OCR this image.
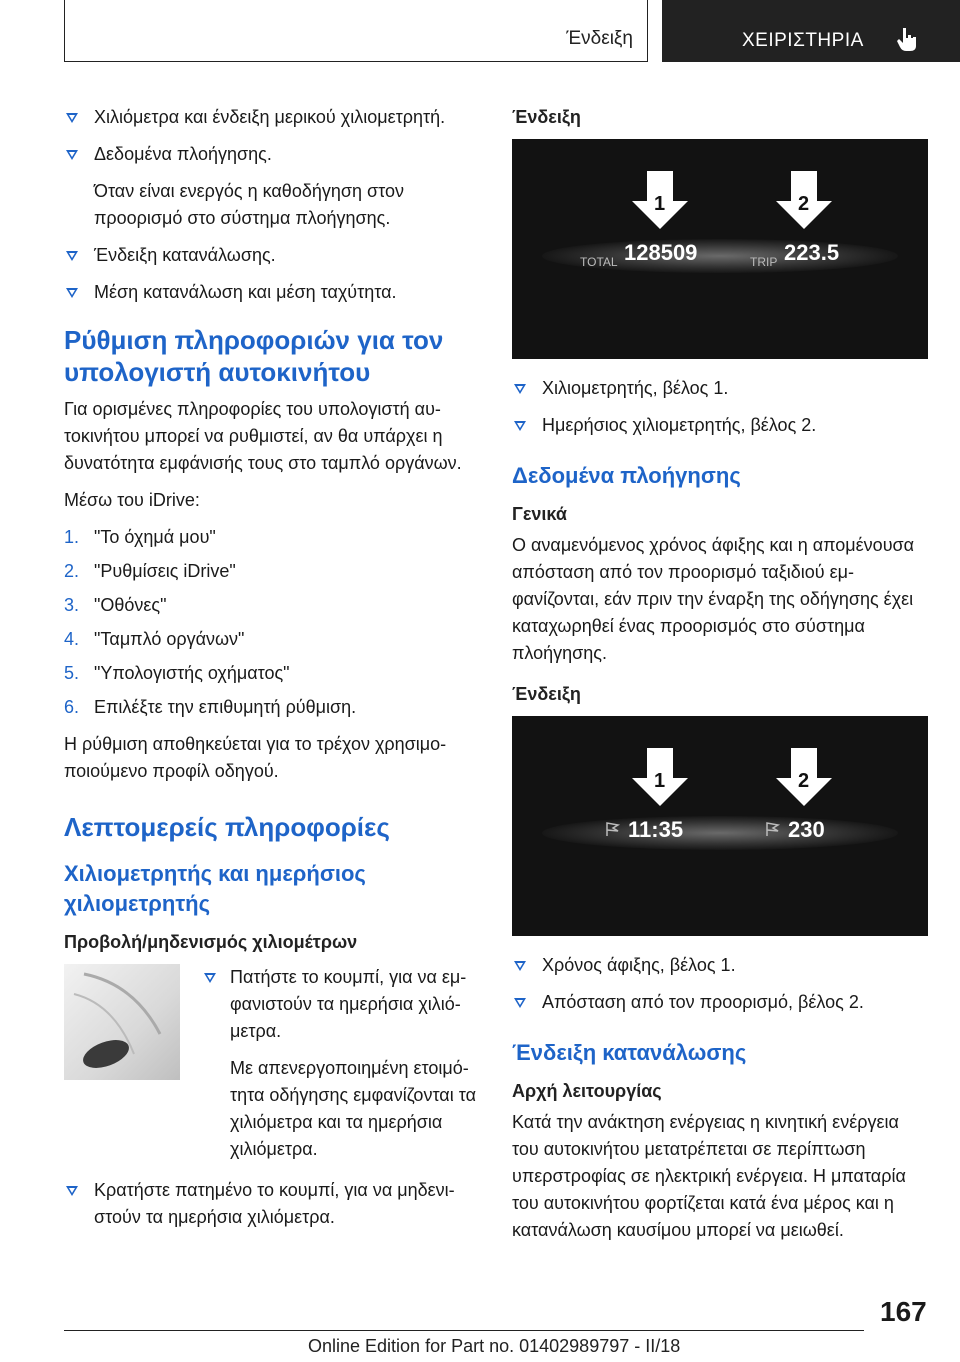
Ένδειξη	ΧΕΙΡΙΣΤΗΡΙΑ
Χιλιόμετρα και ένδειξη μερικού χιλιομετρητή.
Δεδομένα πλοήγησης.

Όταν είναι ενεργός η καθοδήγηση στον προορισμό στο σύστημα πλοήγησης.

Ένδειξη κατανάλωσης.
Μέση κατανάλωση και μέση ταχύτητα.
Ρύθμιση πληροφοριών για τον υπολογιστή αυτοκινήτου

Για ορισμένες πληροφορίες του υπολογιστή αυτοκινήτου μπορεί να ρυθμιστεί, αν θα υπάρχει η δυνατότητα εμφάνισής τους στο ταμπλό οργάνων.

Μέσω του iDrive:

1. "Το όχημά μου"
2. "Ρυθμίσεις iDrive"
3. "Οθόνες"
4. "Ταμπλό οργάνων"
5. "Υπολογιστής οχήματος"
6. Επιλέξτε την επιθυμητή ρύθμιση.

Η ρύθμιση αποθηκεύεται για το τρέχον χρησιμοποιούμενο προφίλ οδηγού.

Λεπτομερείς πληροφορίες
Χιλιομετρητής και ημερήσιος χιλιομετρητής
Προβολή/μηδενισμός χιλιομέτρων
Πατήστε το κουμπί, για να εμφανιστούν τα ημερήσια χιλιόμετρα.

Με απενεργοποιημένη ετοιμότητα οδήγησης εμφανίζονται τα χιλιόμετρα και τα ημερήσια χιλιόμετρα.

Κρατήστε πατημένο το κουμπί, για να μηδενιστούν τα ημερήσια χιλιόμετρα.
Ένδειξη
1	2
TOTAL 128509	TRIP 223.5
Χιλιομετρητής, βέλος 1.
Ημερήσιος χιλιομετρητής, βέλος 2.
Δεδομένα πλοήγησης
Γενικά

Ο αναμενόμενος χρόνος άφιξης και η απομένουσα απόσταση από τον προορισμό ταξιδιού εμφανίζονται, εάν πριν την έναρξη της οδήγησης έχει καταχωρηθεί ένας προορισμός στο σύστημα πλοήγησης.

Ένδειξη
1	2
11:35	230
Χρόνος άφιξης, βέλος 1.
Απόσταση από τον προορισμό, βέλος 2.
Ένδειξη κατανάλωσης
Αρχή λειτουργίας

Κατά την ανάκτηση ενέργειας η κινητική ενέργεια του αυτοκινήτου μετατρέπεται σε περίπτωση υπερστροφίας σε ηλεκτρική ενέργεια. Η μπαταρία του αυτοκινήτου φορτίζεται κατά ένα μέρος και η κατανάλωση καυσίμου μπορεί να μειωθεί.

167
Online Edition for Part no. 01402989797 - II/18
